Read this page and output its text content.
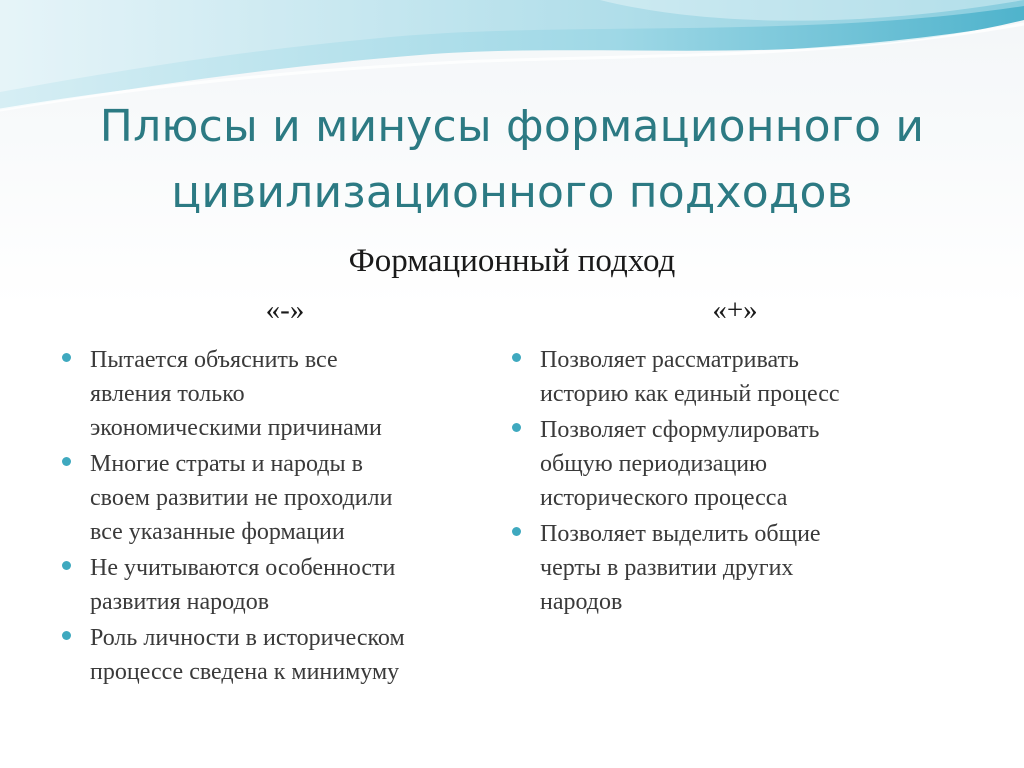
Плюсы и минусы формационного и
цивилизационного подходов
Формационный подход
«-»	«+»
Пытается объяснить все
явления только
экономическими причинами
Многие страты и народы в
своем развитии не проходили
все указанные формации
Не учитываются особенности
развития народов
Роль личности в историческом
процессе сведена к минимуму
Позволяет рассматривать
историю как единый процесс
Позволяет сформулировать
общую периодизацию
исторического процесса
Позволяет выделить общие
черты в развитии других
народов
